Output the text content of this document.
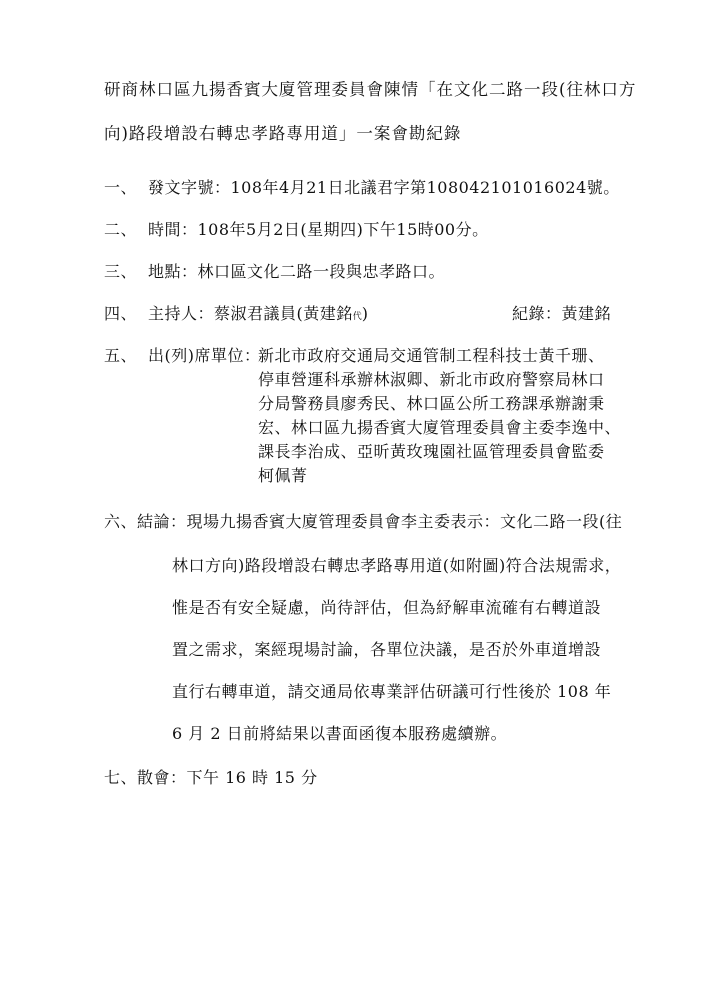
研商林口區九揚香賓大廈管理委員會陳情「在文化二路一段(往林口方
向)路段增設右轉忠孝路專用道」一案會勘紀錄
一、 發文字號：108年4月21日北議君字第108042101016024號。
二、 時間：108年5月2日(星期四)下午15時00分。
三、 地點：林口區文化二路一段與忠孝路口。
四、 主持人：蔡淑君議員(黃建銘代)	紀錄：黃建銘
五、 出(列)席單位：
新北市政府交通局交通管制工程科技士黃千珊、
停車營運科承辦林淑卿、新北市政府警察局林口
分局警務員廖秀民、林口區公所工務課承辦謝秉
宏、林口區九揚香賓大廈管理委員會主委李逸中、
課長李治成、亞昕黃玫瑰園社區管理委員會監委
柯佩菁
六、結論：現場九揚香賓大廈管理委員會李主委表示：文化二路一段(往
林口方向)路段增設右轉忠孝路專用道(如附圖)符合法規需求，
惟是否有安全疑慮，尚待評估，但為紓解車流確有右轉道設
置之需求，案經現場討論，各單位決議，是否於外車道增設
直行右轉車道，請交通局依專業評估研議可行性後於 108 年
6 月 2 日前將結果以書面函復本服務處續辦。
七、散會：下午 16 時 15 分
